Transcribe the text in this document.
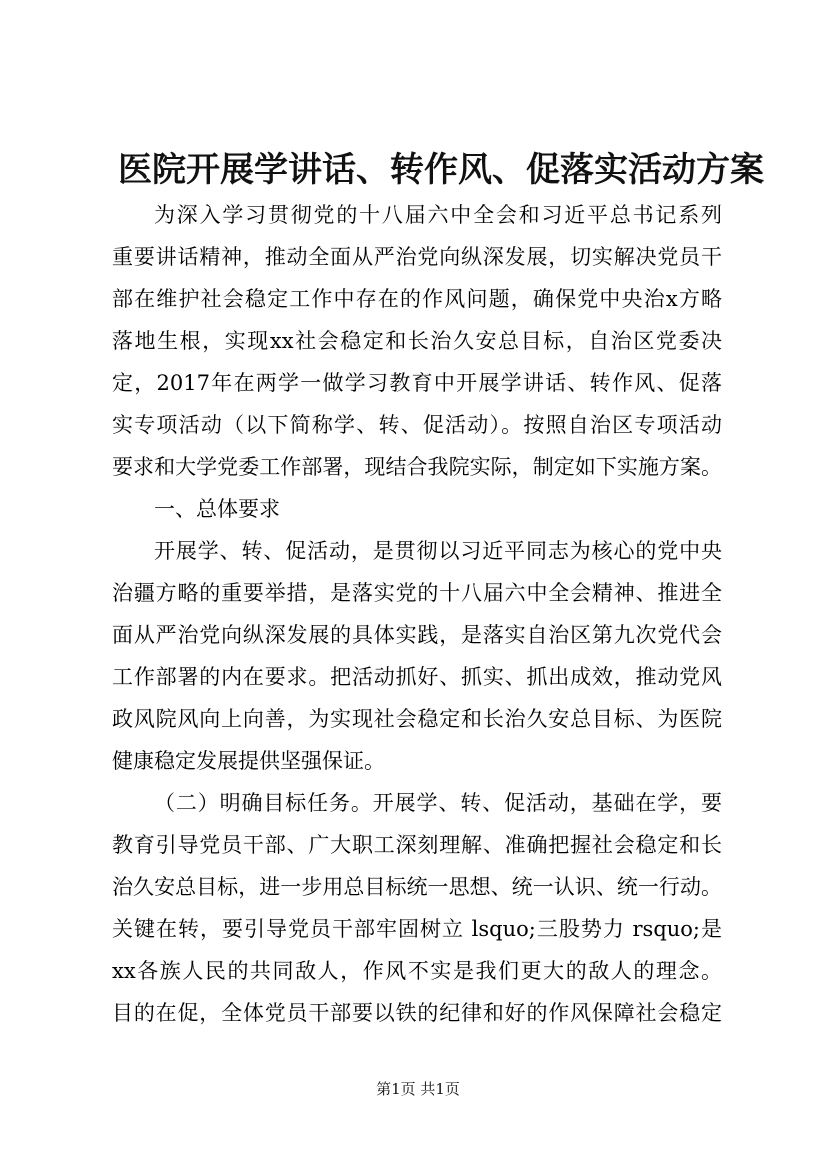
医院开展学讲话、转作风、促落实活动方案
为深入学习贯彻党的十八届六中全会和习近平总书记系列
重要讲话精神，推动全面从严治党向纵深发展，切实解决党员干
部在维护社会稳定工作中存在的作风问题，确保党中央治x方略
落地生根，实现xx社会稳定和长治久安总目标，自治区党委决
定，2017年在两学一做学习教育中开展学讲话、转作风、促落
实专项活动（以下简称学、转、促活动）。按照自治区专项活动
要求和大学党委工作部署，现结合我院实际，制定如下实施方案。
一、总体要求
开展学、转、促活动，是贯彻以习近平同志为核心的党中央
治疆方略的重要举措，是落实党的十八届六中全会精神、推进全
面从严治党向纵深发展的具体实践，是落实自治区第九次党代会
工作部署的内在要求。把活动抓好、抓实、抓出成效，推动党风
政风院风向上向善，为实现社会稳定和长治久安总目标、为医院
健康稳定发展提供坚强保证。
（二）明确目标任务。开展学、转、促活动，基础在学，要
教育引导党员干部、广大职工深刻理解、准确把握社会稳定和长
治久安总目标，进一步用总目标统一思想、统一认识、统一行动。
关键在转，要引导党员干部牢固树立 lsquo;三股势力 rsquo;是
xx各族人民的共同敌人，作风不实是我们更大的敌人的理念。
目的在促，全体党员干部要以铁的纪律和好的作风保障社会稳定
第1页 共1页
